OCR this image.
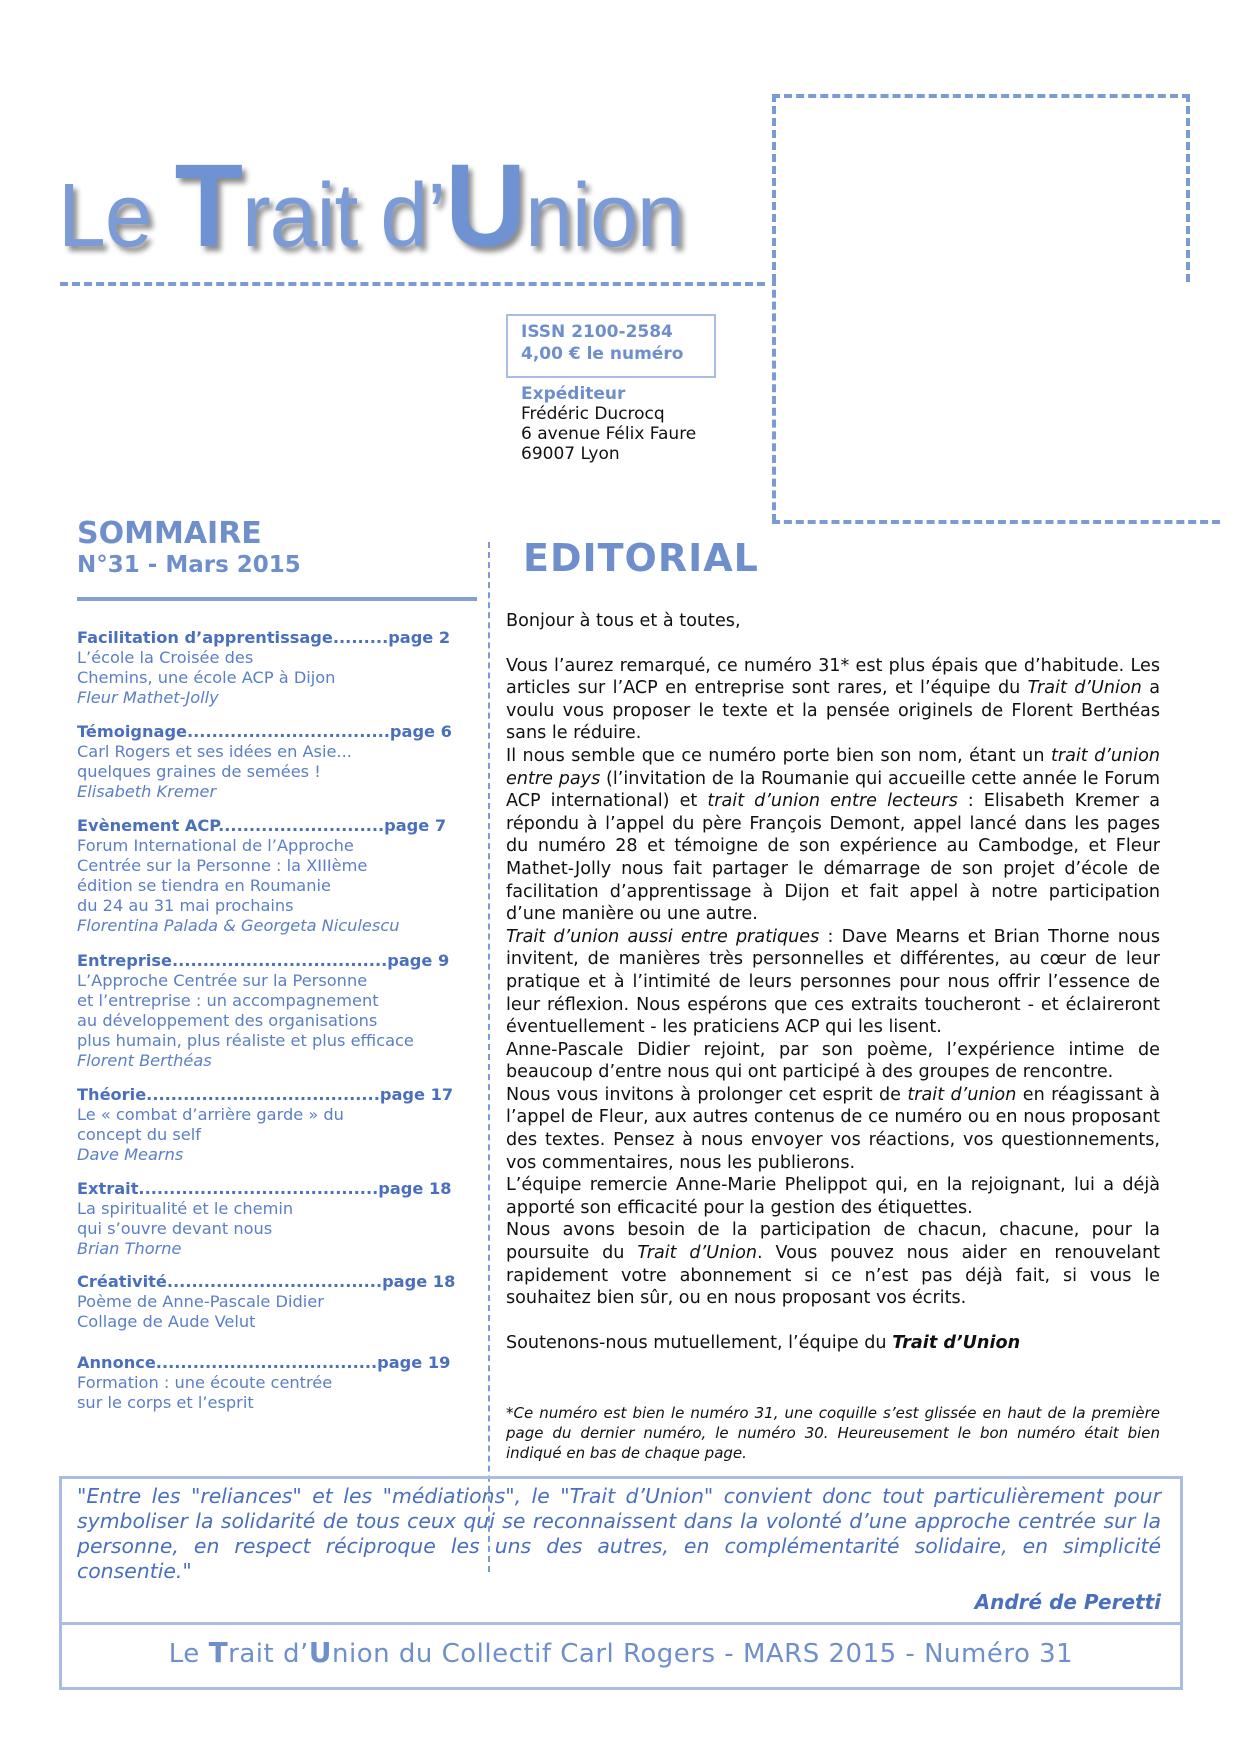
Le Trait d’Union
ISSN 2100-2584
4,00 € le numéro
Expéditeur
Frédéric Ducrocq
6 avenue Félix Faure
69007 Lyon
SOMMAIRE
N°31 - Mars 2015
Facilitation d’apprentissage.........page 2
L’école la Croisée des
Chemins, une école ACP à Dijon
Fleur Mathet-Jolly
Témoignage.................................page 6
Carl Rogers et ses idées en Asie...
quelques graines de semées !
Elisabeth Kremer
Evènement ACP...........................page 7
Forum International de l’Approche
Centrée sur la Personne : la XIIIème
édition se tiendra en Roumanie
du 24 au 31 mai prochains
Florentina Palada & Georgeta Niculescu
Entreprise...................................page 9
L’Approche Centrée sur la Personne
et l’entreprise : un accompagnement
au développement des organisations
plus humain, plus réaliste et plus efficace
Florent Berthéas
Théorie......................................page 17
Le « combat d’arrière garde » du
concept du self
Dave Mearns
Extrait.......................................page 18
La spiritualité et le chemin
qui s’ouvre devant nous
Brian Thorne
Créativité...................................page 18
Poème de Anne-Pascale Didier
Collage de Aude Velut
Annonce....................................page 19
Formation : une écoute centrée
sur le corps et l’esprit
EDITORIAL

Bonjour à tous et à toutes,

Vous l’aurez remarqué, ce numéro 31* est plus épais que d’habitude. Les articles sur l’ACP en entreprise sont rares, et l’équipe du Trait d’Union a voulu vous proposer le texte et la pensée originels de Florent Berthéas sans le réduire.

Il nous semble que ce numéro porte bien son nom, étant un trait d’union entre pays (l’invitation de la Roumanie qui accueille cette année le Forum ACP international) et trait d’union entre lecteurs : Elisabeth Kremer a répondu à l’appel du père François Demont, appel lancé dans les pages du numéro 28 et témoigne de son expérience au Cambodge, et Fleur Mathet-Jolly nous fait partager le démarrage de son projet d’école de facilitation d’apprentissage à Dijon et fait appel à notre participation d’une manière ou une autre.

Trait d’union aussi entre pratiques : Dave Mearns et Brian Thorne nous invitent, de manières très personnelles et différentes, au cœur de leur pratique et à l’intimité de leurs personnes pour nous offrir l’essence de leur réflexion. Nous espérons que ces extraits toucheront - et éclaireront éventuellement - les praticiens ACP qui les lisent.

Anne-Pascale Didier rejoint, par son poème, l’expérience intime de beaucoup d’entre nous qui ont participé à des groupes de rencontre.

Nous vous invitons à prolonger cet esprit de trait d’union en réagissant à l’appel de Fleur, aux autres contenus de ce numéro ou en nous proposant des textes. Pensez à nous envoyer vos réactions, vos questionnements, vos commentaires, nous les publierons.

L’équipe remercie Anne-Marie Phelippot qui, en la rejoignant, lui a déjà apporté son efficacité pour la gestion des étiquettes.

Nous avons besoin de la participation de chacun, chacune, pour la poursuite du Trait d’Union. Vous pouvez nous aider en renouvelant rapidement votre abonnement si ce n’est pas déjà fait, si vous le souhaitez bien sûr, ou en nous proposant vos écrits.

Soutenons-nous mutuellement, l’équipe du Trait d’Union

*Ce numéro est bien le numéro 31, une coquille s’est glissée en haut de la première page du dernier numéro, le numéro 30. Heureusement le bon numéro était bien indiqué en bas de chaque page.
"Entre les "reliances" et les "médiations", le "Trait d’Union" convient donc tout particulièrement pour symboliser la solidarité de tous ceux qui se reconnaissent dans la volonté d’une approche centrée sur la personne, en respect réciproque les uns des autres, en complémentarité solidaire, en simplicité consentie."
André de Peretti
Le Trait d’Union du Collectif Carl Rogers - MARS 2015 - Numéro 31
